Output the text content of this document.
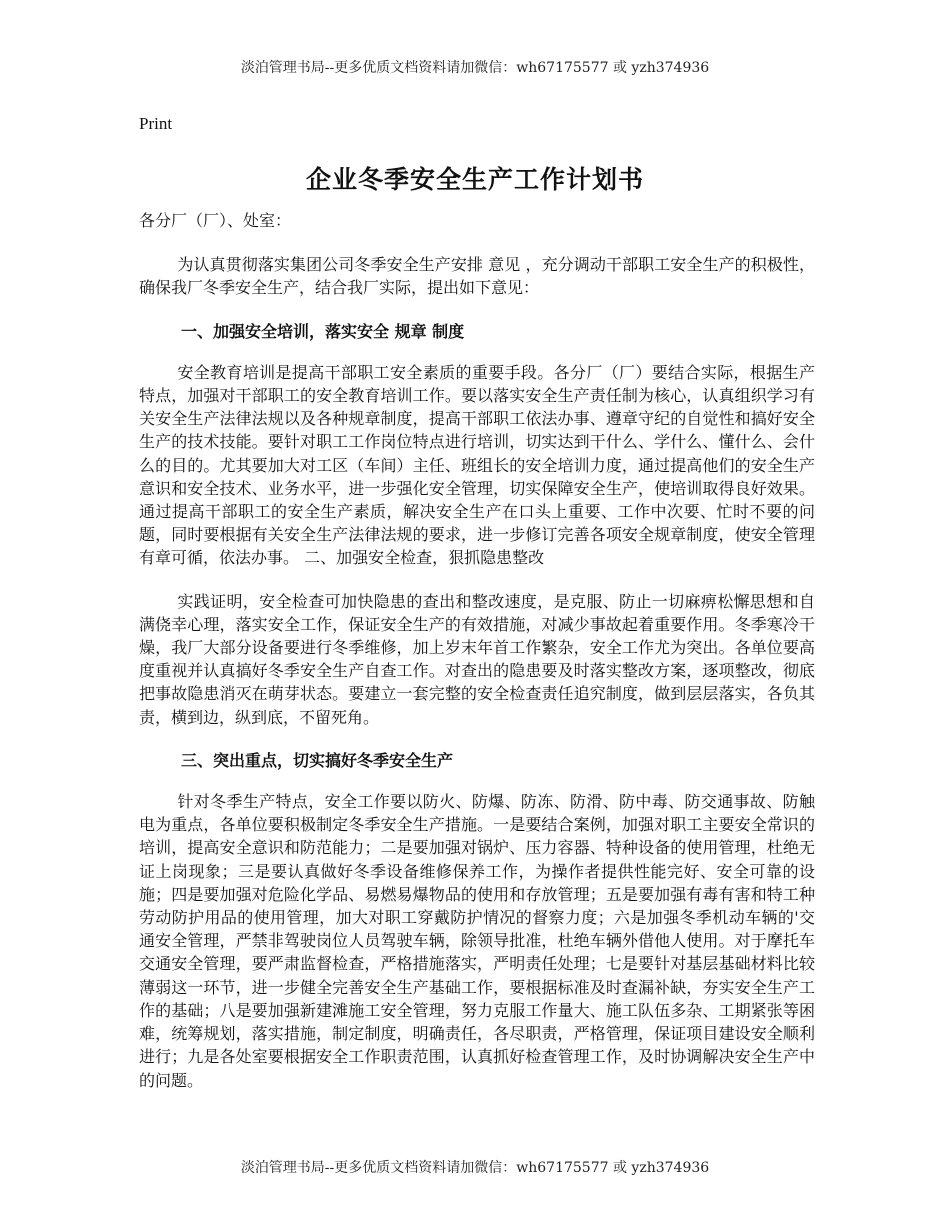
淡泊管理书局--更多优质文档资料请加微信：wh67175577 或 yzh374936
Print
企业冬季安全生产工作计划书

各分厂（厂）、处室：

为认真贯彻落实集团公司冬季安全生产安排 意见 ，充分调动干部职工安全生产的积极性，确保我厂冬季安全生产，结合我厂实际，提出如下意见：

一、加强安全培训，落实安全 规章 制度

安全教育培训是提高干部职工安全素质的重要手段。各分厂（厂）要结合实际，根据生产特点，加强对干部职工的安全教育培训工作。要以落实安全生产责任制为核心，认真组织学习有关安全生产法律法规以及各种规章制度，提高干部职工依法办事、遵章守纪的自觉性和搞好安全生产的技术技能。要针对职工工作岗位特点进行培训，切实达到干什么、学什么、懂什么、会什么的目的。尤其要加大对工区（车间）主任、班组长的安全培训力度，通过提高他们的安全生产意识和安全技术、业务水平，进一步强化安全管理，切实保障安全生产，使培训取得良好效果。通过提高干部职工的安全生产素质，解决安全生产在口头上重要、工作中次要、忙时不要的问题，同时要根据有关安全生产法律法规的要求，进一步修订完善各项安全规章制度，使安全管理有章可循，依法办事。 二、加强安全检查，狠抓隐患整改

实践证明，安全检查可加快隐患的查出和整改速度，是克服、防止一切麻痹松懈思想和自满侥幸心理，落实安全工作，保证安全生产的有效措施，对减少事故起着重要作用。冬季寒冷干燥，我厂大部分设备要进行冬季维修，加上岁末年首工作繁杂，安全工作尤为突出。各单位要高度重视并认真搞好冬季安全生产自查工作。对查出的隐患要及时落实整改方案，逐项整改，彻底把事故隐患消灭在萌芽状态。要建立一套完整的安全检查责任追究制度，做到层层落实，各负其责，横到边，纵到底，不留死角。

三、突出重点，切实搞好冬季安全生产

针对冬季生产特点，安全工作要以防火、防爆、防冻、防滑、防中毒、防交通事故、防触电为重点，各单位要积极制定冬季安全生产措施。一是要结合案例，加强对职工主要安全常识的培训，提高安全意识和防范能力；二是要加强对锅炉、压力容器、特种设备的使用管理，杜绝无证上岗现象；三是要认真做好冬季设备维修保养工作，为操作者提供性能完好、安全可靠的设施；四是要加强对危险化学品、易燃易爆物品的使用和存放管理；五是要加强有毒有害和特工种劳动防护用品的使用管理，加大对职工穿戴防护情况的督察力度；六是加强冬季机动车辆的'交通安全管理，严禁非驾驶岗位人员驾驶车辆，除领导批准，杜绝车辆外借他人使用。对于摩托车交通安全管理，要严肃监督检查，严格措施落实，严明责任处理；七是要针对基层基础材料比较薄弱这一环节，进一步健全完善安全生产基础工作，要根据标准及时查漏补缺，夯实安全生产工作的基础；八是要加强新建滩施工安全管理，努力克服工作量大、施工队伍多杂、工期紧张等困难，统筹规划，落实措施，制定制度，明确责任，各尽职责，严格管理，保证项目建设安全顺利进行；九是各处室要根据安全工作职责范围，认真抓好检查管理工作，及时协调解决安全生产中的问题。

淡泊管理书局--更多优质文档资料请加微信：wh67175577 或 yzh374936
